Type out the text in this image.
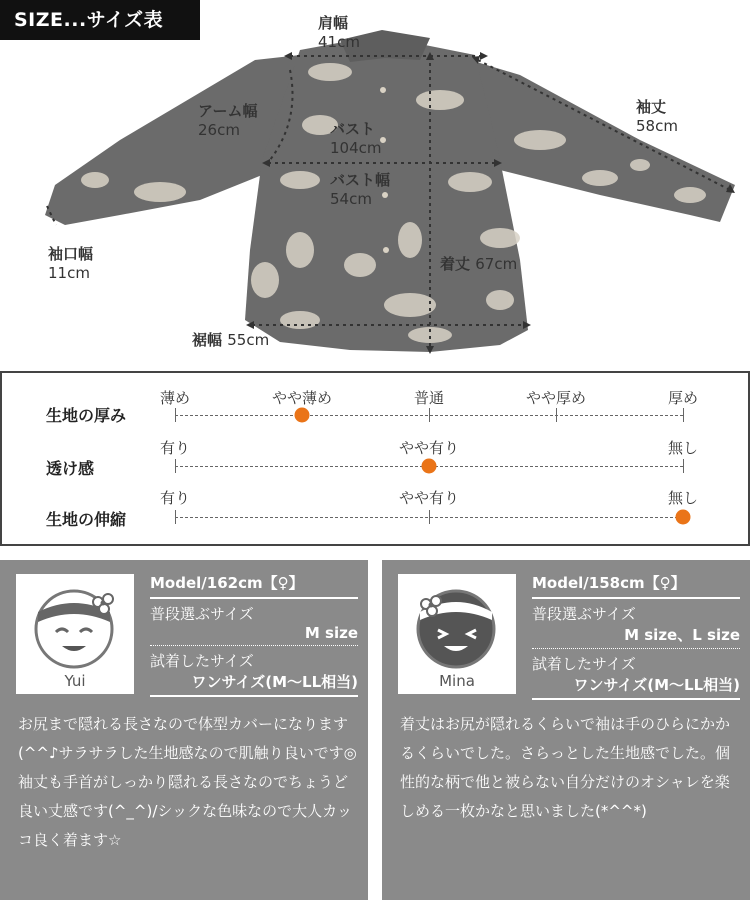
SIZE...サイズ表	肩幅
41cm
アーム幅
26cm	バスト
104cm
バスト幅
54cm
袖丈
58cm
袖口幅
11cm	着丈 67cm
裾幅 55cm
生地の厚み
薄め	やや薄め	普通	やや厚め	厚め
透け感
有り	やや有り	無し
生地の伸縮
有り	やや有り	無し
Yui
Model/162cm【♀】
普段選ぶサイズ
M size
試着したサイズ
ワンサイズ(M〜LL相当)
お尻まで隠れる長さなので体型カバーになります(^^♪サラサラした生地感なので肌触り良いです◎袖丈も手首がしっかり隠れる長さなのでちょうど良い丈感です(^_^)/シックな色味なので大人カッコ良く着ます☆
Mina
Model/158cm【♀】
普段選ぶサイズ
M size、L size
試着したサイズ
ワンサイズ(M〜LL相当)
着丈はお尻が隠れるくらいで袖は手のひらにかかるくらいでした。さらっとした生地感でした。個性的な柄で他と被らない自分だけのオシャレを楽しめる一枚かなと思いました(*^^*)
